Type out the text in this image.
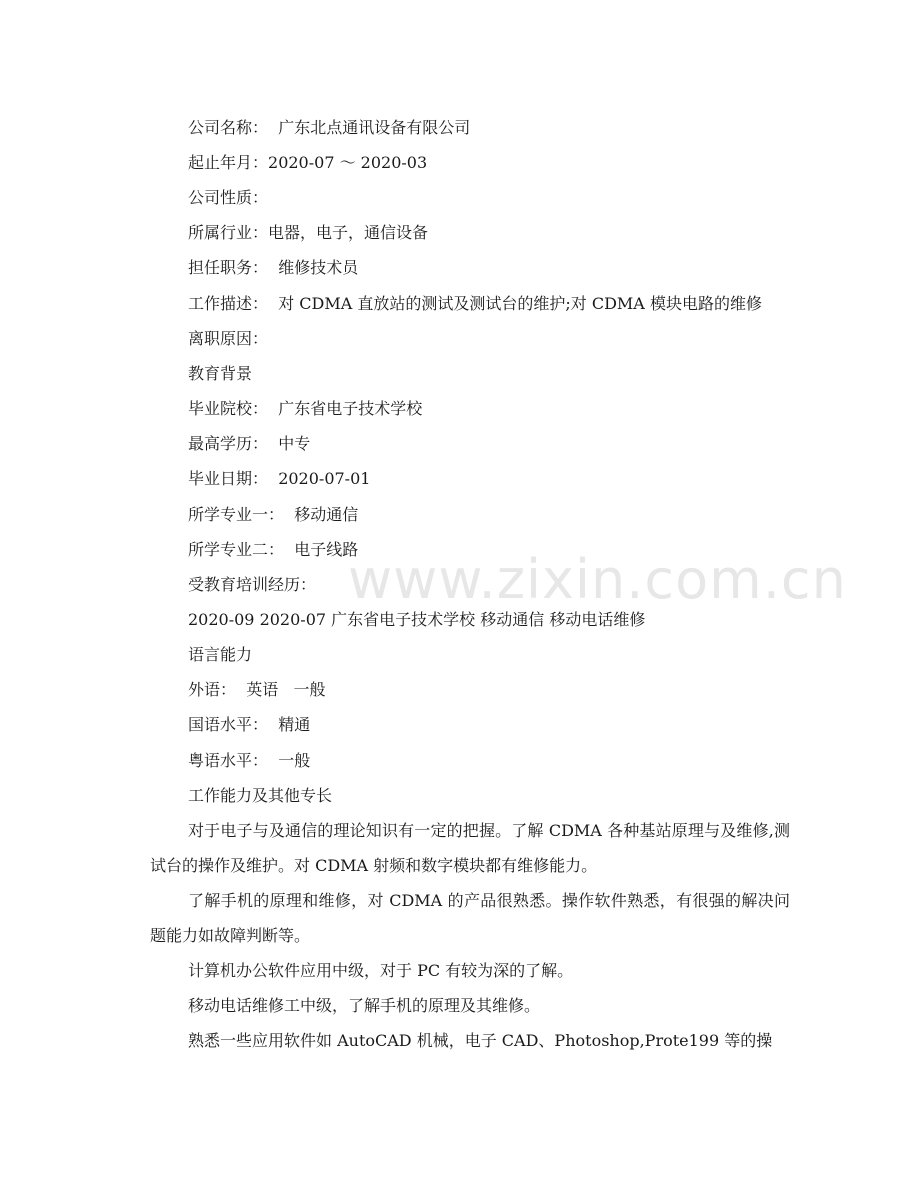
公司名称： 广东北点通讯设备有限公司
起止年月：2020-07 ～ 2020-03
公司性质：
所属行业：电器，电子，通信设备
担任职务： 维修技术员
工作描述： 对 CDMA 直放站的测试及测试台的维护;对 CDMA 模块电路的维修
离职原因：
教育背景
毕业院校： 广东省电子技术学校
最高学历： 中专
毕业日期： 2020-07-01
所学专业一： 移动通信
所学专业二： 电子线路
受教育培训经历：
2020-09 2020-07 广东省电子技术学校 移动通信 移动电话维修
语言能力
外语： 英语 一般
国语水平： 精通
粤语水平： 一般
工作能力及其他专长
对于电子与及通信的理论知识有一定的把握。了解 CDMA 各种基站原理与及维修,测试台的操作及维护。对 CDMA 射频和数字模块都有维修能力。
了解手机的原理和维修，对 CDMA 的产品很熟悉。操作软件熟悉，有很强的解决问题能力如故障判断等。
计算机办公软件应用中级，对于 PC 有较为深的了解。
移动电话维修工中级，了解手机的原理及其维修。
熟悉一些应用软件如 AutoCAD 机械，电子 CAD、Photoshop,Prote199 等的操
www.zixin.com.cn
